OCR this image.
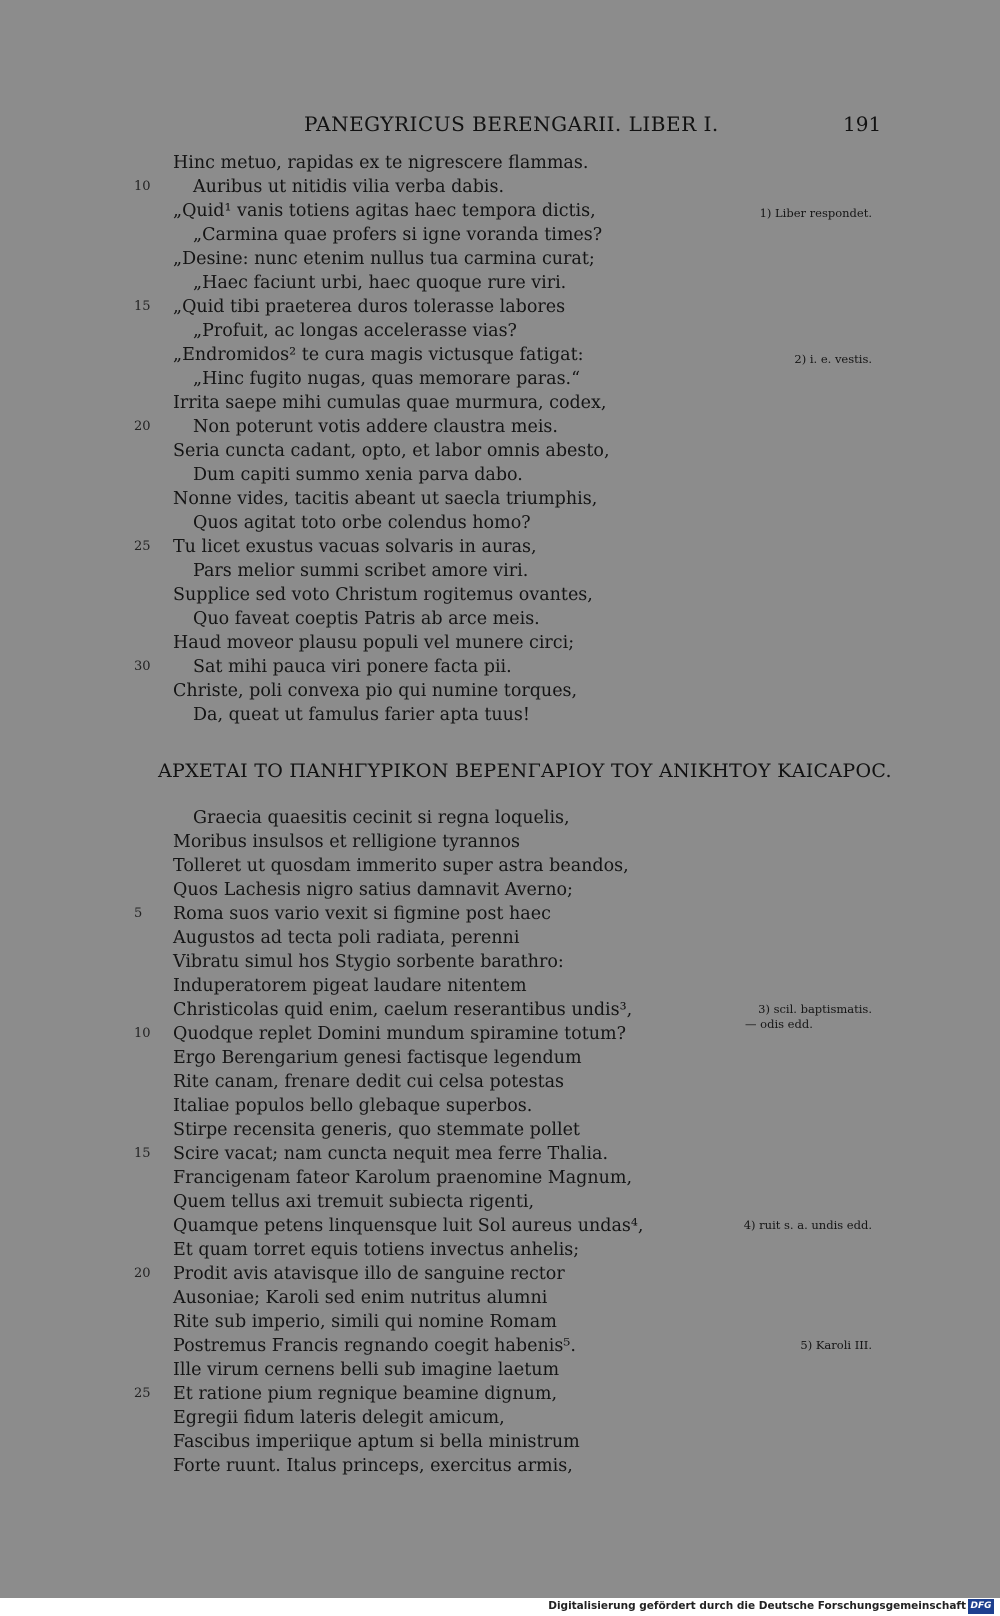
PANEGYRICUS BERENGARII. LIBER I.	191
Hinc metuo, rapidas ex te nigrescere flammas.
Auribus ut nitidis vilia verba dabis.
„Quid¹ vanis totiens agitas haec tempora dictis,
„Carmina quae profers si igne voranda times?
„Desine: nunc etenim nullus tua carmina curat;
„Haec faciunt urbi, haec quoque rure viri.
„Quid tibi praeterea duros tolerasse labores
„Profuit, ac longas accelerasse vias?
„Endromidos² te cura magis victusque fatigat:
„Hinc fugito nugas, quas memorare paras.“
Irrita saepe mihi cumulas quae murmura, codex,
Non poterunt votis addere claustra meis.
Seria cuncta cadant, opto, et labor omnis abesto,
Dum capiti summo xenia parva dabo.
Nonne vides, tacitis abeant ut saecla triumphis,
Quos agitat toto orbe colendus homo?
Tu licet exustus vacuas solvaris in auras,
Pars melior summi scribet amore viri.
Supplice sed voto Christum rogitemus ovantes,
Quo faveat coeptis Patris ab arce meis.
Haud moveor plausu populi vel munere circi;
Sat mihi pauca viri ponere facta pii.
Christe, poli convexa pio qui numine torques,
Da, queat ut famulus farier apta tuus!
10
15
20
25
30
ΑΡΧΕΤΑΙ ΤΟ ΠΑΝΗΓΥΡΙΚΟΝ ΒΕΡΕΝΓΑΡΙΟΥ ΤΟΥ ΑΝΙΚΗΤΟΥ ΚΑΙCΑΡΟC.
Graecia quaesitis cecinit si regna loquelis,
Moribus insulsos et relligione tyrannos
Tolleret ut quosdam immerito super astra beandos,
Quos Lachesis nigro satius damnavit Averno;
Roma suos vario vexit si figmine post haec
Augustos ad tecta poli radiata, perenni
Vibratu simul hos Stygio sorbente barathro:
Induperatorem pigeat laudare nitentem
Christicolas quid enim, caelum reserantibus undis³,
Quodque replet Domini mundum spiramine totum?
Ergo Berengarium genesi factisque legendum
Rite canam, frenare dedit cui celsa potestas
Italiae populos bello glebaque superbos.
Stirpe recensita generis, quo stemmate pollet
Scire vacat; nam cuncta nequit mea ferre Thalia.
Francigenam fateor Karolum praenomine Magnum,
Quem tellus axi tremuit subiecta rigenti,
Quamque petens linquensque luit Sol aureus undas⁴,
Et quam torret equis totiens invectus anhelis;
Prodit avis atavisque illo de sanguine rector
Ausoniae; Karoli sed enim nutritus alumni
Rite sub imperio, simili qui nomine Romam
Postremus Francis regnando coegit habenis⁵.
Ille virum cernens belli sub imagine laetum
Et ratione pium regnique beamine dignum,
Egregii fidum lateris delegit amicum,
Fascibus imperiique aptum si bella ministrum
Forte ruunt. Italus princeps, exercitus armis,
5
10
15
20
25
1) Liber respondet.
2) i. e. vestis.
3) scil. baptismatis.
— odis edd.
4) ruit s. a. undis edd.
5) Karoli III.
Digitalisierung gefördert durch die Deutsche Forschungsgemeinschaft DFG
